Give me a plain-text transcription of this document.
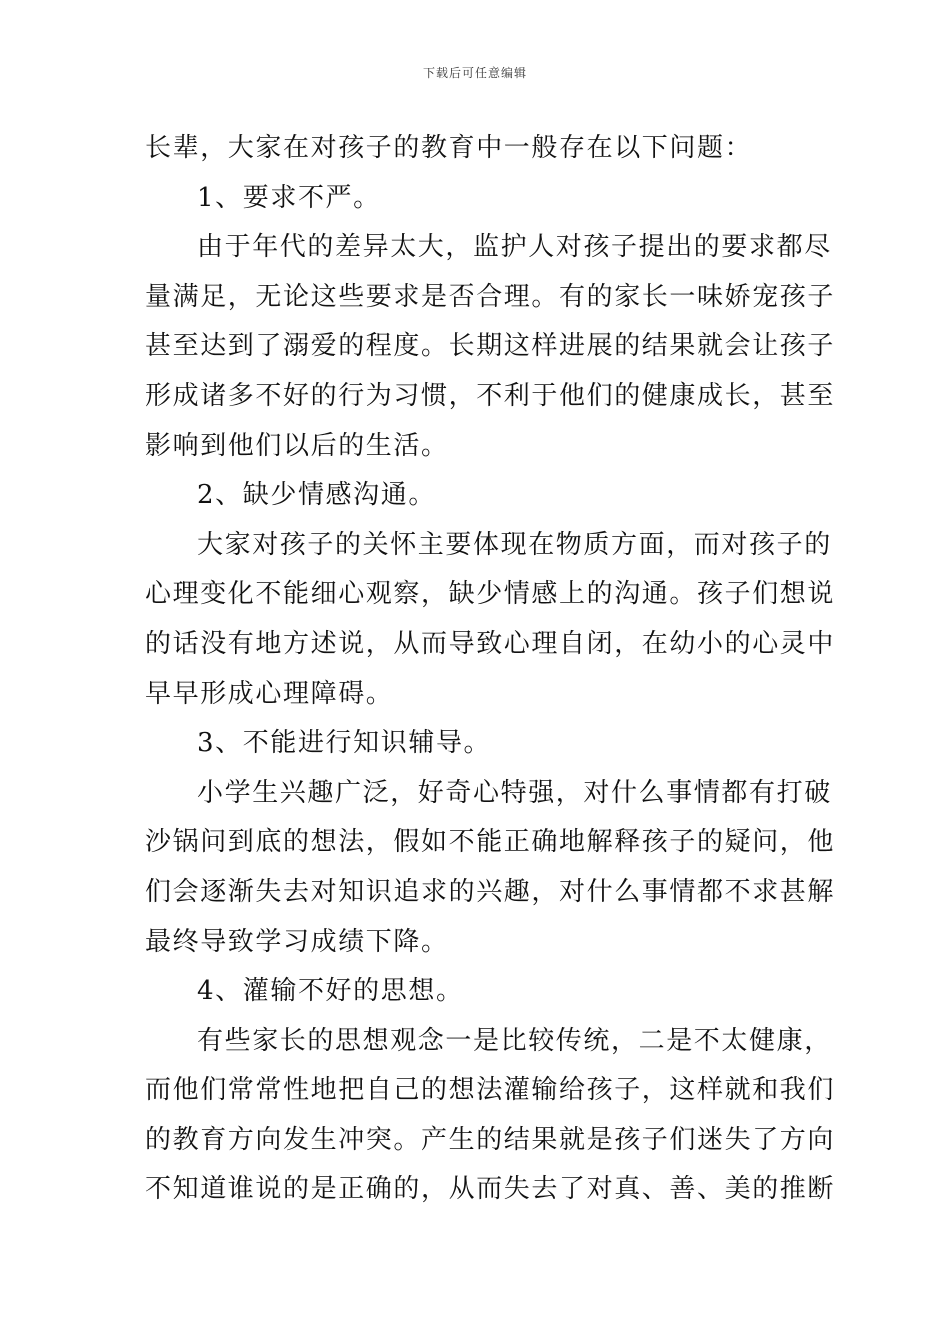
下载后可任意编辑
长辈，大家在对孩子的教育中一般存在以下问题：
1、要求不严。
由于年代的差异太大，监护人对孩子提出的要求都尽
量满足，无论这些要求是否合理。有的家长一味娇宠孩子
甚至达到了溺爱的程度。长期这样进展的结果就会让孩子
形成诸多不好的行为习惯，不利于他们的健康成长，甚至
影响到他们以后的生活。
2、缺少情感沟通。
大家对孩子的关怀主要体现在物质方面，而对孩子的
心理变化不能细心观察，缺少情感上的沟通。孩子们想说
的话没有地方述说，从而导致心理自闭，在幼小的心灵中
早早形成心理障碍。
3、不能进行知识辅导。
小学生兴趣广泛，好奇心特强，对什么事情都有打破
沙锅问到底的想法，假如不能正确地解释孩子的疑问，他
们会逐渐失去对知识追求的兴趣，对什么事情都不求甚解
最终导致学习成绩下降。
4、灌输不好的思想。
有些家长的思想观念一是比较传统，二是不太健康，
而他们常常性地把自己的想法灌输给孩子，这样就和我们
的教育方向发生冲突。产生的结果就是孩子们迷失了方向
不知道谁说的是正确的，从而失去了对真、善、美的推断
